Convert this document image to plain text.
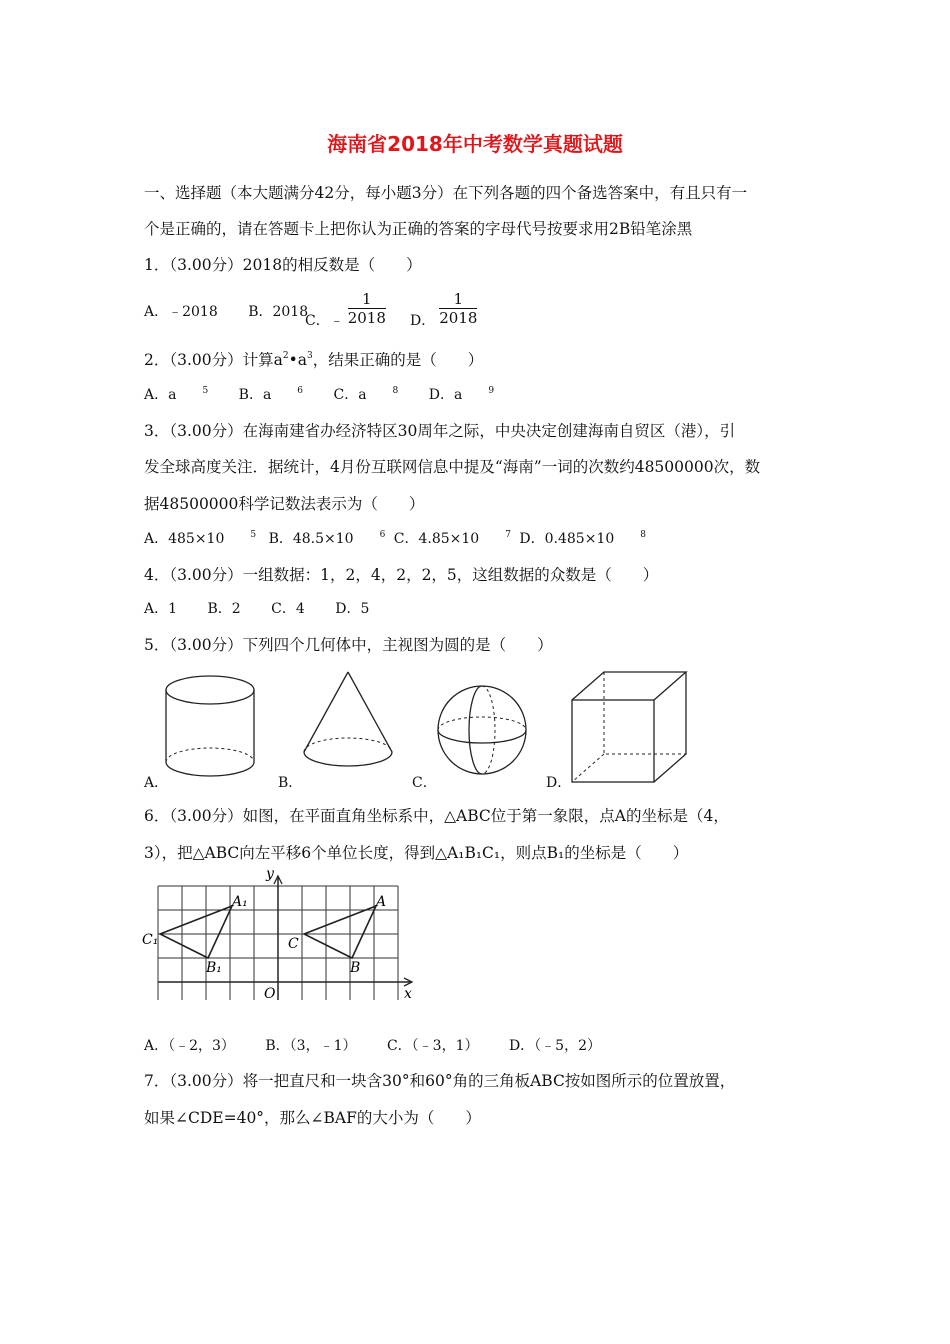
海南省2018年中考数学真题试题
一、选择题（本大题满分42分，每小题3分）在下列各题的四个备选答案中，有且只有一
个是正确的，请在答题卡上把你认为正确的答案的字母代号按要求用2B铅笔涂黑
1．（3.00分）2018的相反数是（　　）
A．﹣2018 B．2018
C．﹣ $\frac{1}{2018}$
D． $\frac{1}{2018}$
2．（3.00分）计算$a^2•a^3$，结果正确的是（　　）
A．a	$^5$ B．a	$^6$ C．a	$^8$ D．a	$^9$
3．（3.00分）在海南建省办经济特区30周年之际，中央决定创建海南自贸区（港），引
发全球高度关注．据统计，4月份互联网信息中提及“海南”一词的次数约48500000次，数
据48500000科学记数法表示为（　　）
A．485×10	$^5$ B．48.5×10	$^6$ C．4.85×10	$^7$ D．0.485×10	$^8$
4．（3.00分）一组数据：1，2，4，2，2，5，这组数据的众数是（　　）
A．1 B．2 C．4 D．5
5．（3.00分）下列四个几何体中，主视图为圆的是（　　）
A．	B．	C．	D．
6．（3.00分）如图，在平面直角坐标系中，△ABC位于第一象限，点A的坐标是（4，
3），把△ABC向左平移6个单位长度，得到△A₁B₁C₁，则点B₁的坐标是（　　）
y
x
O
A
B
C
A₁
B₁
C₁
A．（﹣2，3） B．（3，﹣1） C．（﹣3，1） D．（﹣5，2）
7．（3.00分）将一把直尺和一块含30°和60°角的三角板ABC按如图所示的位置放置，
如果∠CDE=40°，那么∠BAF的大小为（　　）
